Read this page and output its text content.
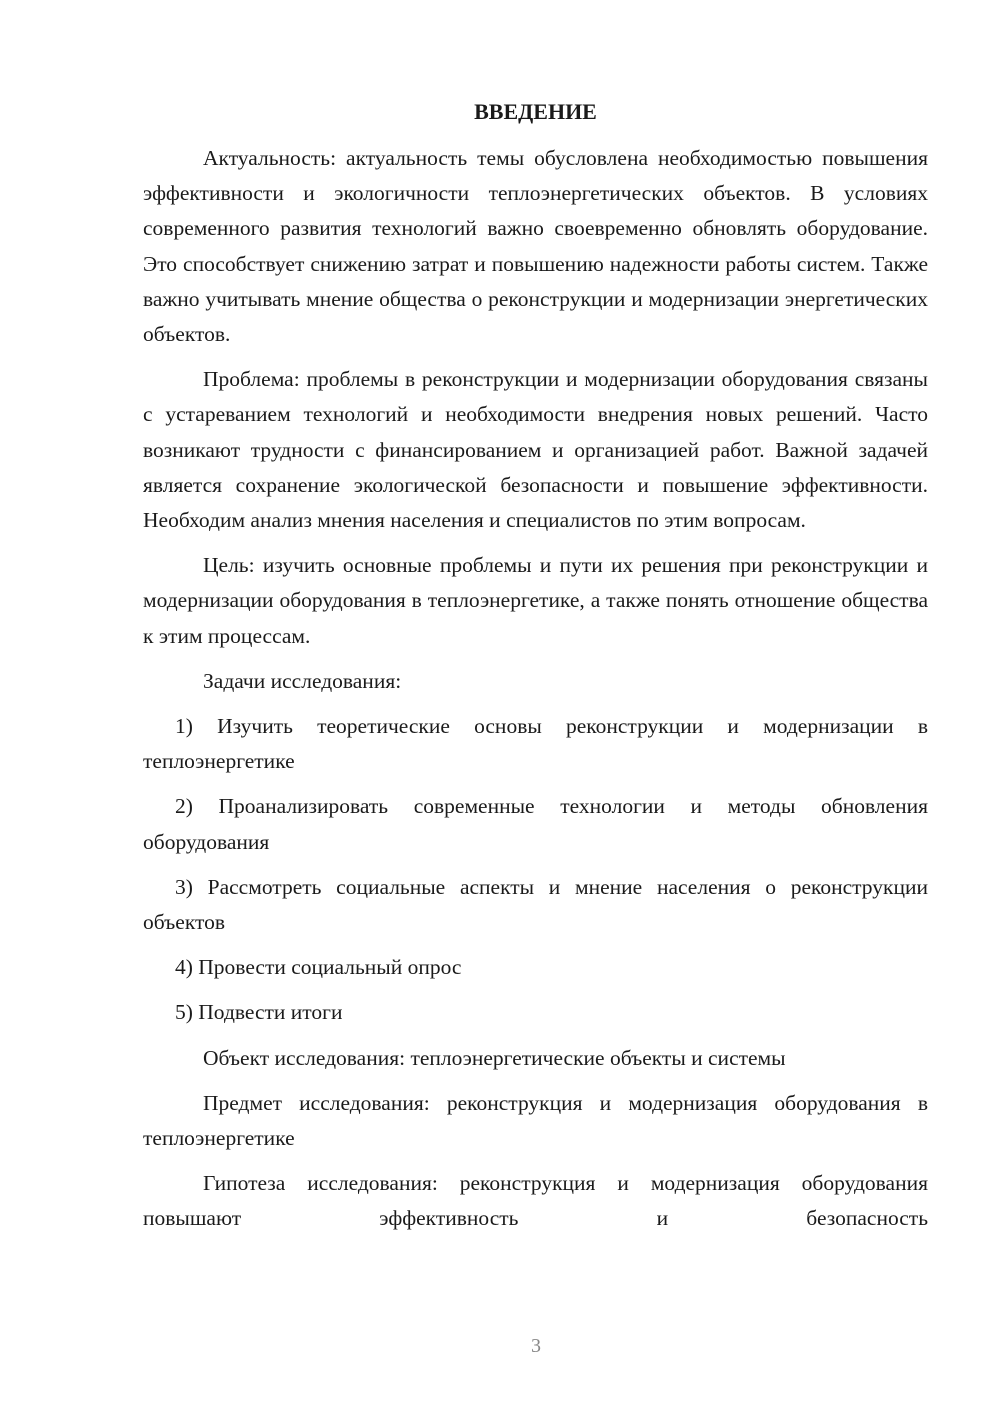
ВВЕДЕНИЕ

Актуальность: актуальность темы обусловлена необходимостью повышения эффективности и экологичности теплоэнергетических объектов. В условиях современного развития технологий важно своевременно обновлять оборудование. Это способствует снижению затрат и повышению надежности работы систем. Также важно учитывать мнение общества о реконструкции и модернизации энергетических объектов.

Проблема: проблемы в реконструкции и модернизации оборудования связаны с устареванием технологий и необходимости внедрения новых решений. Часто возникают трудности с финансированием и организацией работ. Важной задачей является сохранение экологической безопасности и повышение эффективности. Необходим анализ мнения населения и специалистов по этим вопросам.

Цель: изучить основные проблемы и пути их решения при реконструкции и модернизации оборудования в теплоэнергетике, а также понять отношение общества к этим процессам.

Задачи исследования:

1) Изучить теоретические основы реконструкции и модернизации в теплоэнергетике

2) Проанализировать современные технологии и методы обновления оборудования

3) Рассмотреть социальные аспекты и мнение населения о реконструкции объектов

4) Провести социальный опрос

5) Подвести итоги

Объект исследования: теплоэнергетические объекты и системы

Предмет исследования: реконструкция и модернизация оборудования в теплоэнергетике

Гипотеза исследования: реконструкция и модернизация оборудования повышают эффективность и безопасность

3
